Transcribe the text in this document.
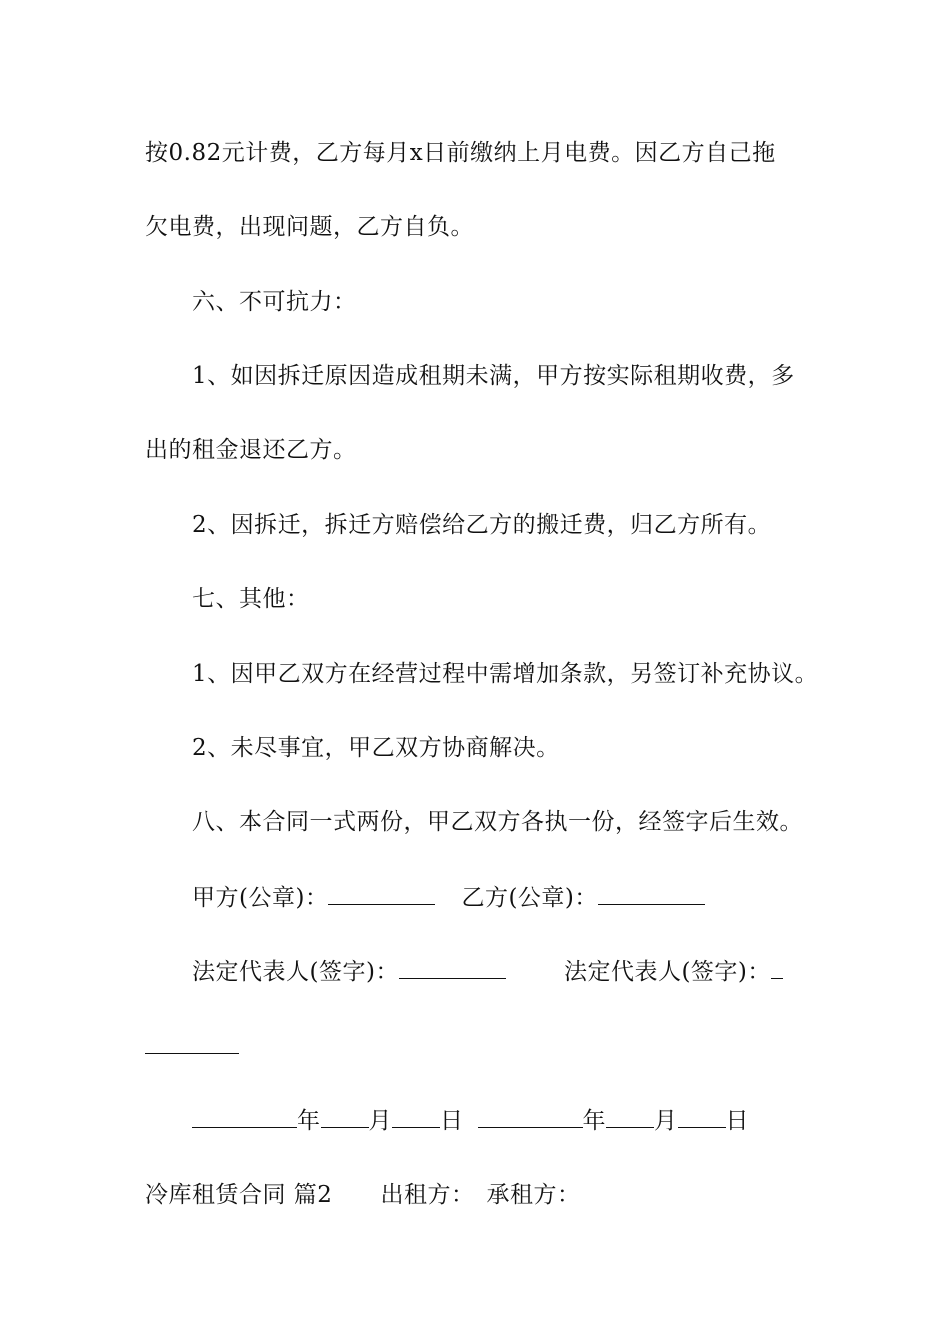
按0.82元计费，乙方每月x日前缴纳上月电费。因乙方自己拖
欠电费，出现问题，乙方自负。
六、不可抗力：
1、如因拆迁原因造成租期未满，甲方按实际租期收费，多
出的租金退还乙方。
2、因拆迁，拆迁方赔偿给乙方的搬迁费，归乙方所有。
七、其他：
1、因甲乙双方在经营过程中需增加条款，另签订补充协议。
2、未尽事宜，甲乙双方协商解决。
八、本合同一式两份，甲乙双方各执一份，经签字后生效。
甲方(公章)：	乙方(公章)：
法定代表人(签字)：	法定代表人(签字)：
年 月 日	年 月 日
冷库租赁合同 篇2 出租方： 承租方：
